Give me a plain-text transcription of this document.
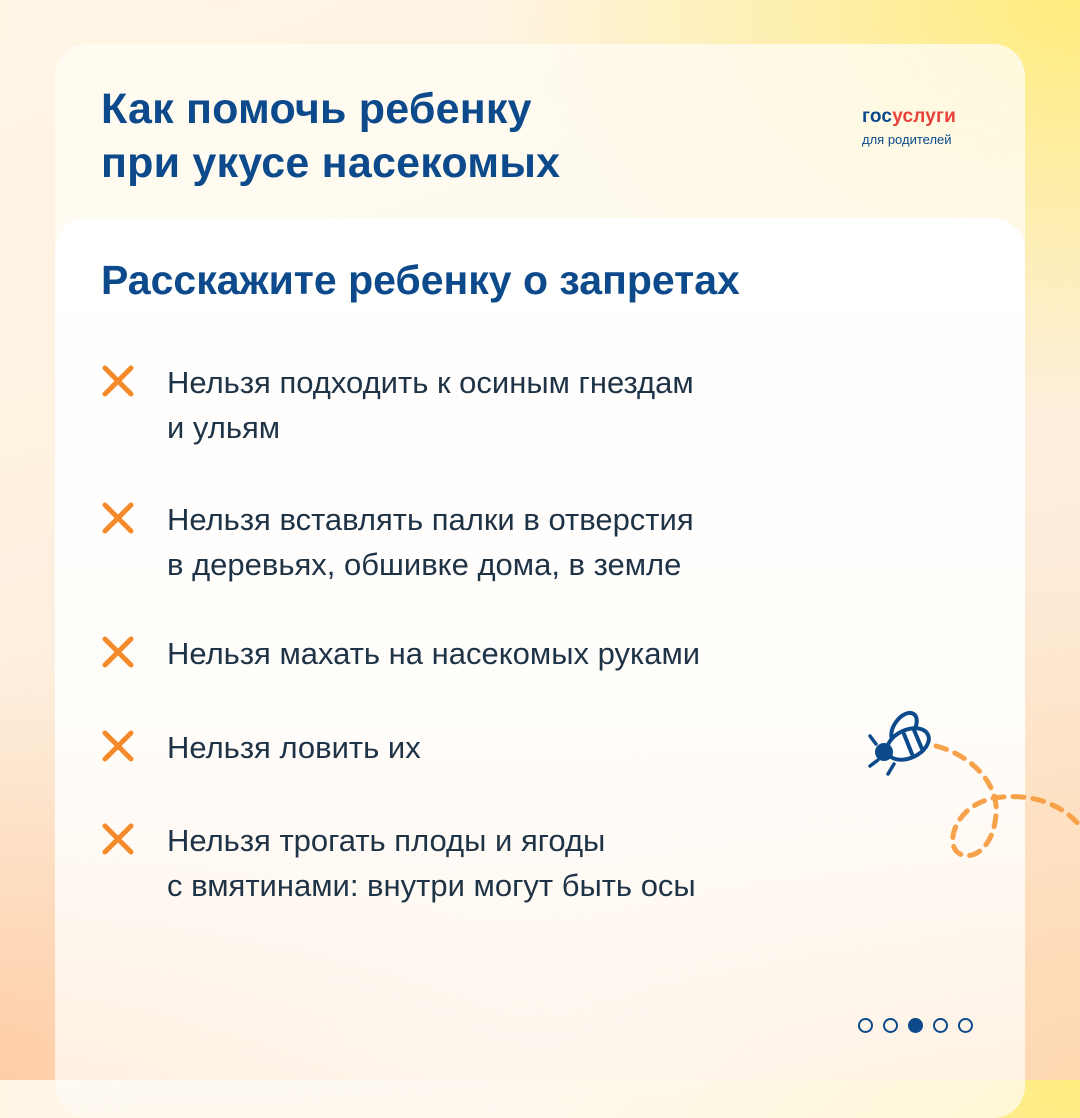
Как помочь ребенку
при укусе насекомых
госуслуги
для родителей
Расскажите ребенку о запретах
Нельзя подходить к осиным гнездам
и ульям
Нельзя вставлять палки в отверстия
в деревьях, обшивке дома, в земле
Нельзя махать на насекомых руками
Нельзя ловить их
Нельзя трогать плоды и ягоды
с вмятинами: внутри могут быть осы
